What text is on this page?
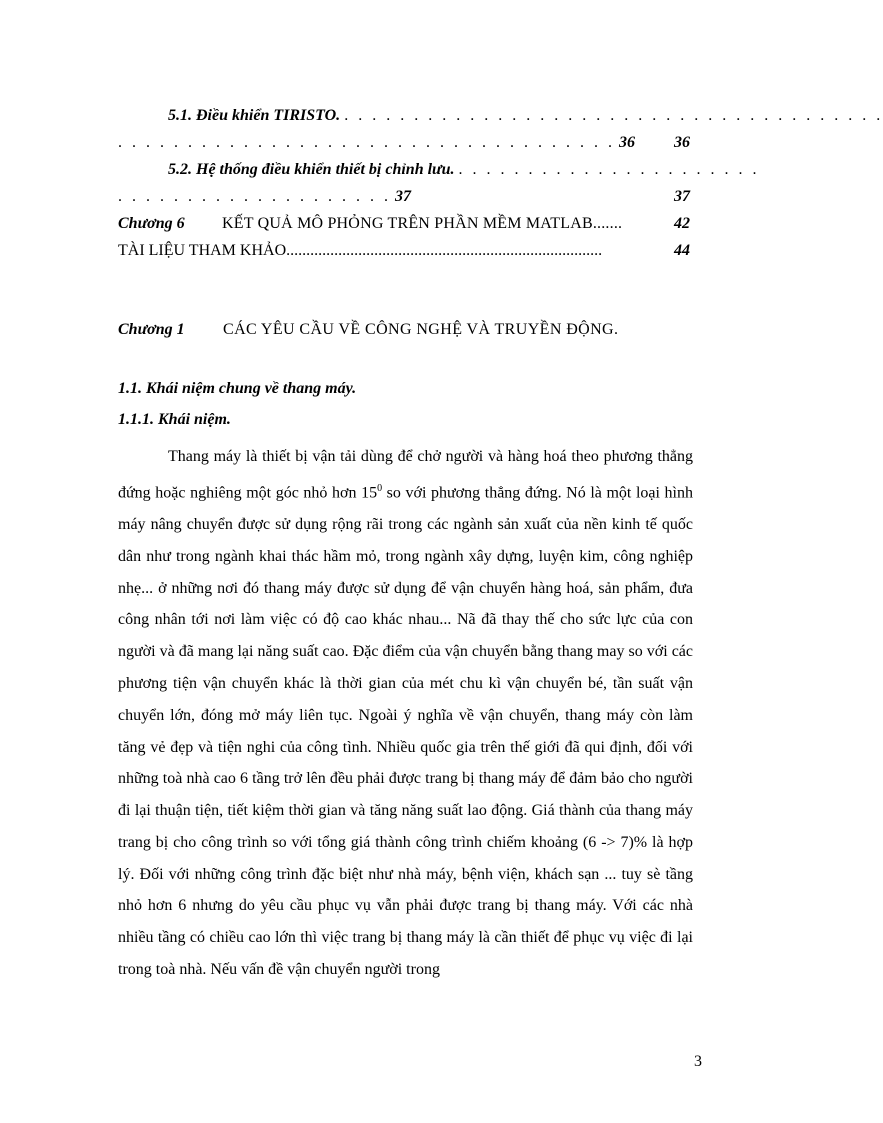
5.1. Điều khiển TIRISTO. . . . . . . . . . . . . . . . . . . . . . . . . . . . . . . . . . . . . . . .
. . . . . . . . . . . . . . . . . . . . . . . . . . . . . . . . . . . . 36 36
5.2. Hệ thống điều khiển thiết bị chỉnh lưu. . . . . . . . . . . . . . . . . . . . . . .
. . . . . . . . . . . . . . . . . . . . 37	37
Chương 6 KẾT QUẢ MÔ PHỎNG TRÊN PHẦN MỀM MATLAB.......	42
TÀI LIỆU THAM KHẢO...............................................................................	44
Chương 1 CÁC YÊU CẦU VỀ CÔNG NGHỆ VÀ TRUYỀN ĐỘNG.
1.1. Khái niệm chung về thang máy.
1.1.1. Khái niệm.

Thang máy là thiết bị vận tải dùng để chở người và hàng hoá theo phương thẳng đứng hoặc nghiêng một góc nhỏ hơn $15^0$ so với phương thẳng đứng. Nó là một loại hình máy nâng chuyển được sử dụng rộng rãi trong các ngành sản xuất của nền kinh tế quốc dân như trong ngành khai thác hầm mỏ, trong ngành xây dựng, luyện kim, công nghiệp nhẹ... ở những nơi đó thang máy được sử dụng để vận chuyển hàng hoá, sản phẩm, đưa công nhân tới nơi làm việc có độ cao khác nhau... Nã đã thay thế cho sức lực của con người và đã mang lại năng suất cao. Đặc điểm của vận chuyển bằng thang may so với các phương tiện vận chuyển khác là thời gian của mét chu kì vận chuyển bé, tần suất vận chuyển lớn, đóng mở máy liên tục. Ngoài ý nghĩa về vận chuyển, thang máy còn làm tăng vẻ đẹp và tiện nghi của công tình. Nhiều quốc gia trên thế giới đã qui định, đối với những toà nhà cao 6 tầng trở lên đều phải được trang bị thang máy để đảm bảo cho người đi lại thuận tiện, tiết kiệm thời gian và tăng năng suất lao động. Giá thành của thang máy trang bị cho công trình so với tổng giá thành công trình chiếm khoảng (6 -> 7)% là hợp lý. Đối với những công trình đặc biệt như nhà máy, bệnh viện, khách sạn ... tuy sè tầng nhỏ hơn 6 nhưng do yêu cầu phục vụ vẫn phải được trang bị thang máy. Với các nhà nhiều tầng có chiều cao lớn thì việc trang bị thang máy là cần thiết để phục vụ việc đi lại trong toà nhà. Nếu vấn đề vận chuyển người trong

3
